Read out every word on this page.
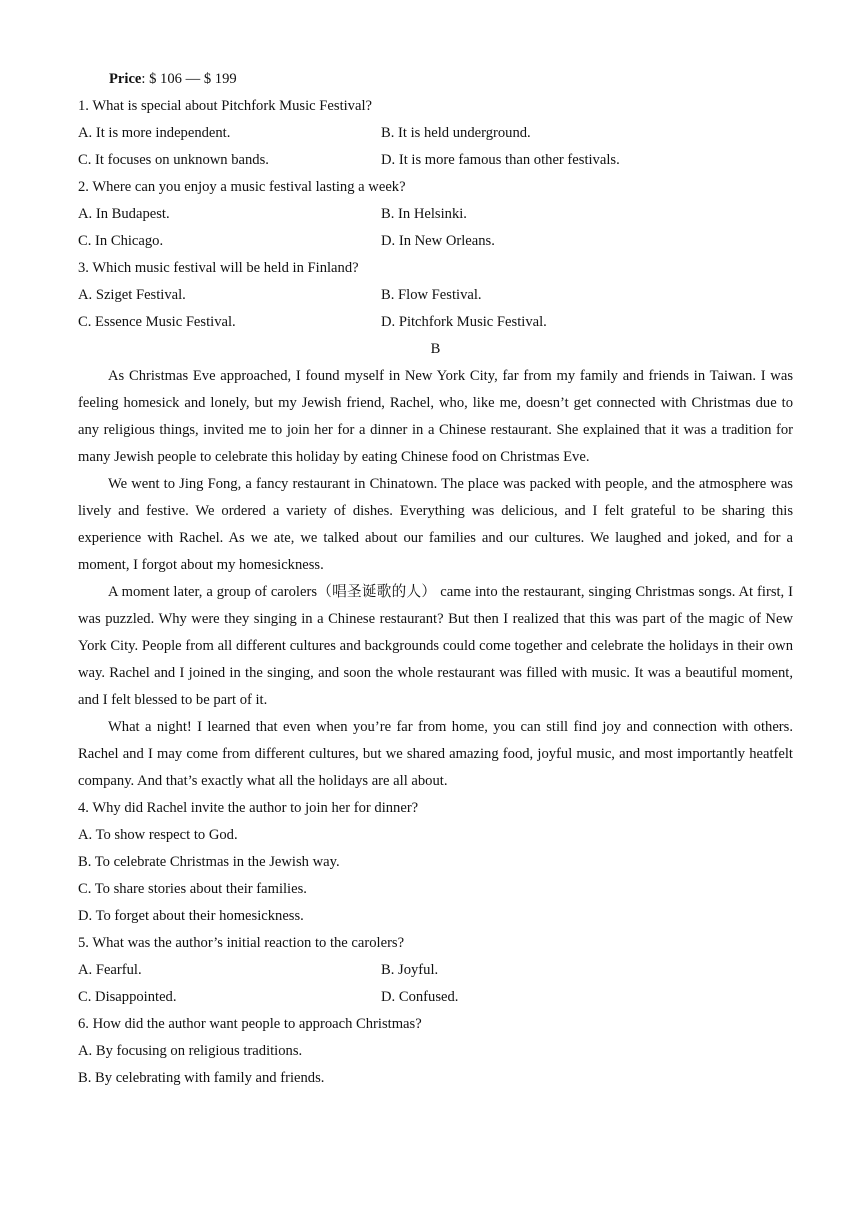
Price: $ 106 — $ 199
1. What is special about Pitchfork Music Festival?
A. It is more independent.	B. It is held underground.
C. It focuses on unknown bands.	D. It is more famous than other festivals.
2. Where can you enjoy a music festival lasting a week?
A. In Budapest.	B. In Helsinki.
C. In Chicago.	D. In New Orleans.
3. Which music festival will be held in Finland?
A. Sziget Festival.	B. Flow Festival.
C. Essence Music Festival.	D. Pitchfork Music Festival.
B

As Christmas Eve approached, I found myself in New York City, far from my family and friends in Taiwan. I was feeling homesick and lonely, but my Jewish friend, Rachel, who, like me, doesn’t get connected with Christmas due to any religious things, invited me to join her for a dinner in a Chinese restaurant. She explained that it was a tradition for many Jewish people to celebrate this holiday by eating Chinese food on Christmas Eve.

We went to Jing Fong, a fancy restaurant in Chinatown. The place was packed with people, and the atmosphere was lively and festive. We ordered a variety of dishes. Everything was delicious, and I felt grateful to be sharing this experience with Rachel. As we ate, we talked about our families and our cultures. We laughed and joked, and for a moment, I forgot about my homesickness.

A moment later, a group of carolers（唱圣诞歌的人） came into the restaurant, singing Christmas songs. At first, I was puzzled. Why were they singing in a Chinese restaurant? But then I realized that this was part of the magic of New York City. People from all different cultures and backgrounds could come together and celebrate the holidays in their own way. Rachel and I joined in the singing, and soon the whole restaurant was filled with music. It was a beautiful moment, and I felt blessed to be part of it.

What a night! I learned that even when you’re far from home, you can still find joy and connection with others. Rachel and I may come from different cultures, but we shared amazing food, joyful music, and most importantly heatfelt company. And that’s exactly what all the holidays are all about.

4. Why did Rachel invite the author to join her for dinner?
A. To show respect to God.
B. To celebrate Christmas in the Jewish way.
C. To share stories about their families.
D. To forget about their homesickness.
5. What was the author’s initial reaction to the carolers?
A. Fearful.	B. Joyful.
C. Disappointed.	D. Confused.
6. How did the author want people to approach Christmas?
A. By focusing on religious traditions.
B. By celebrating with family and friends.
